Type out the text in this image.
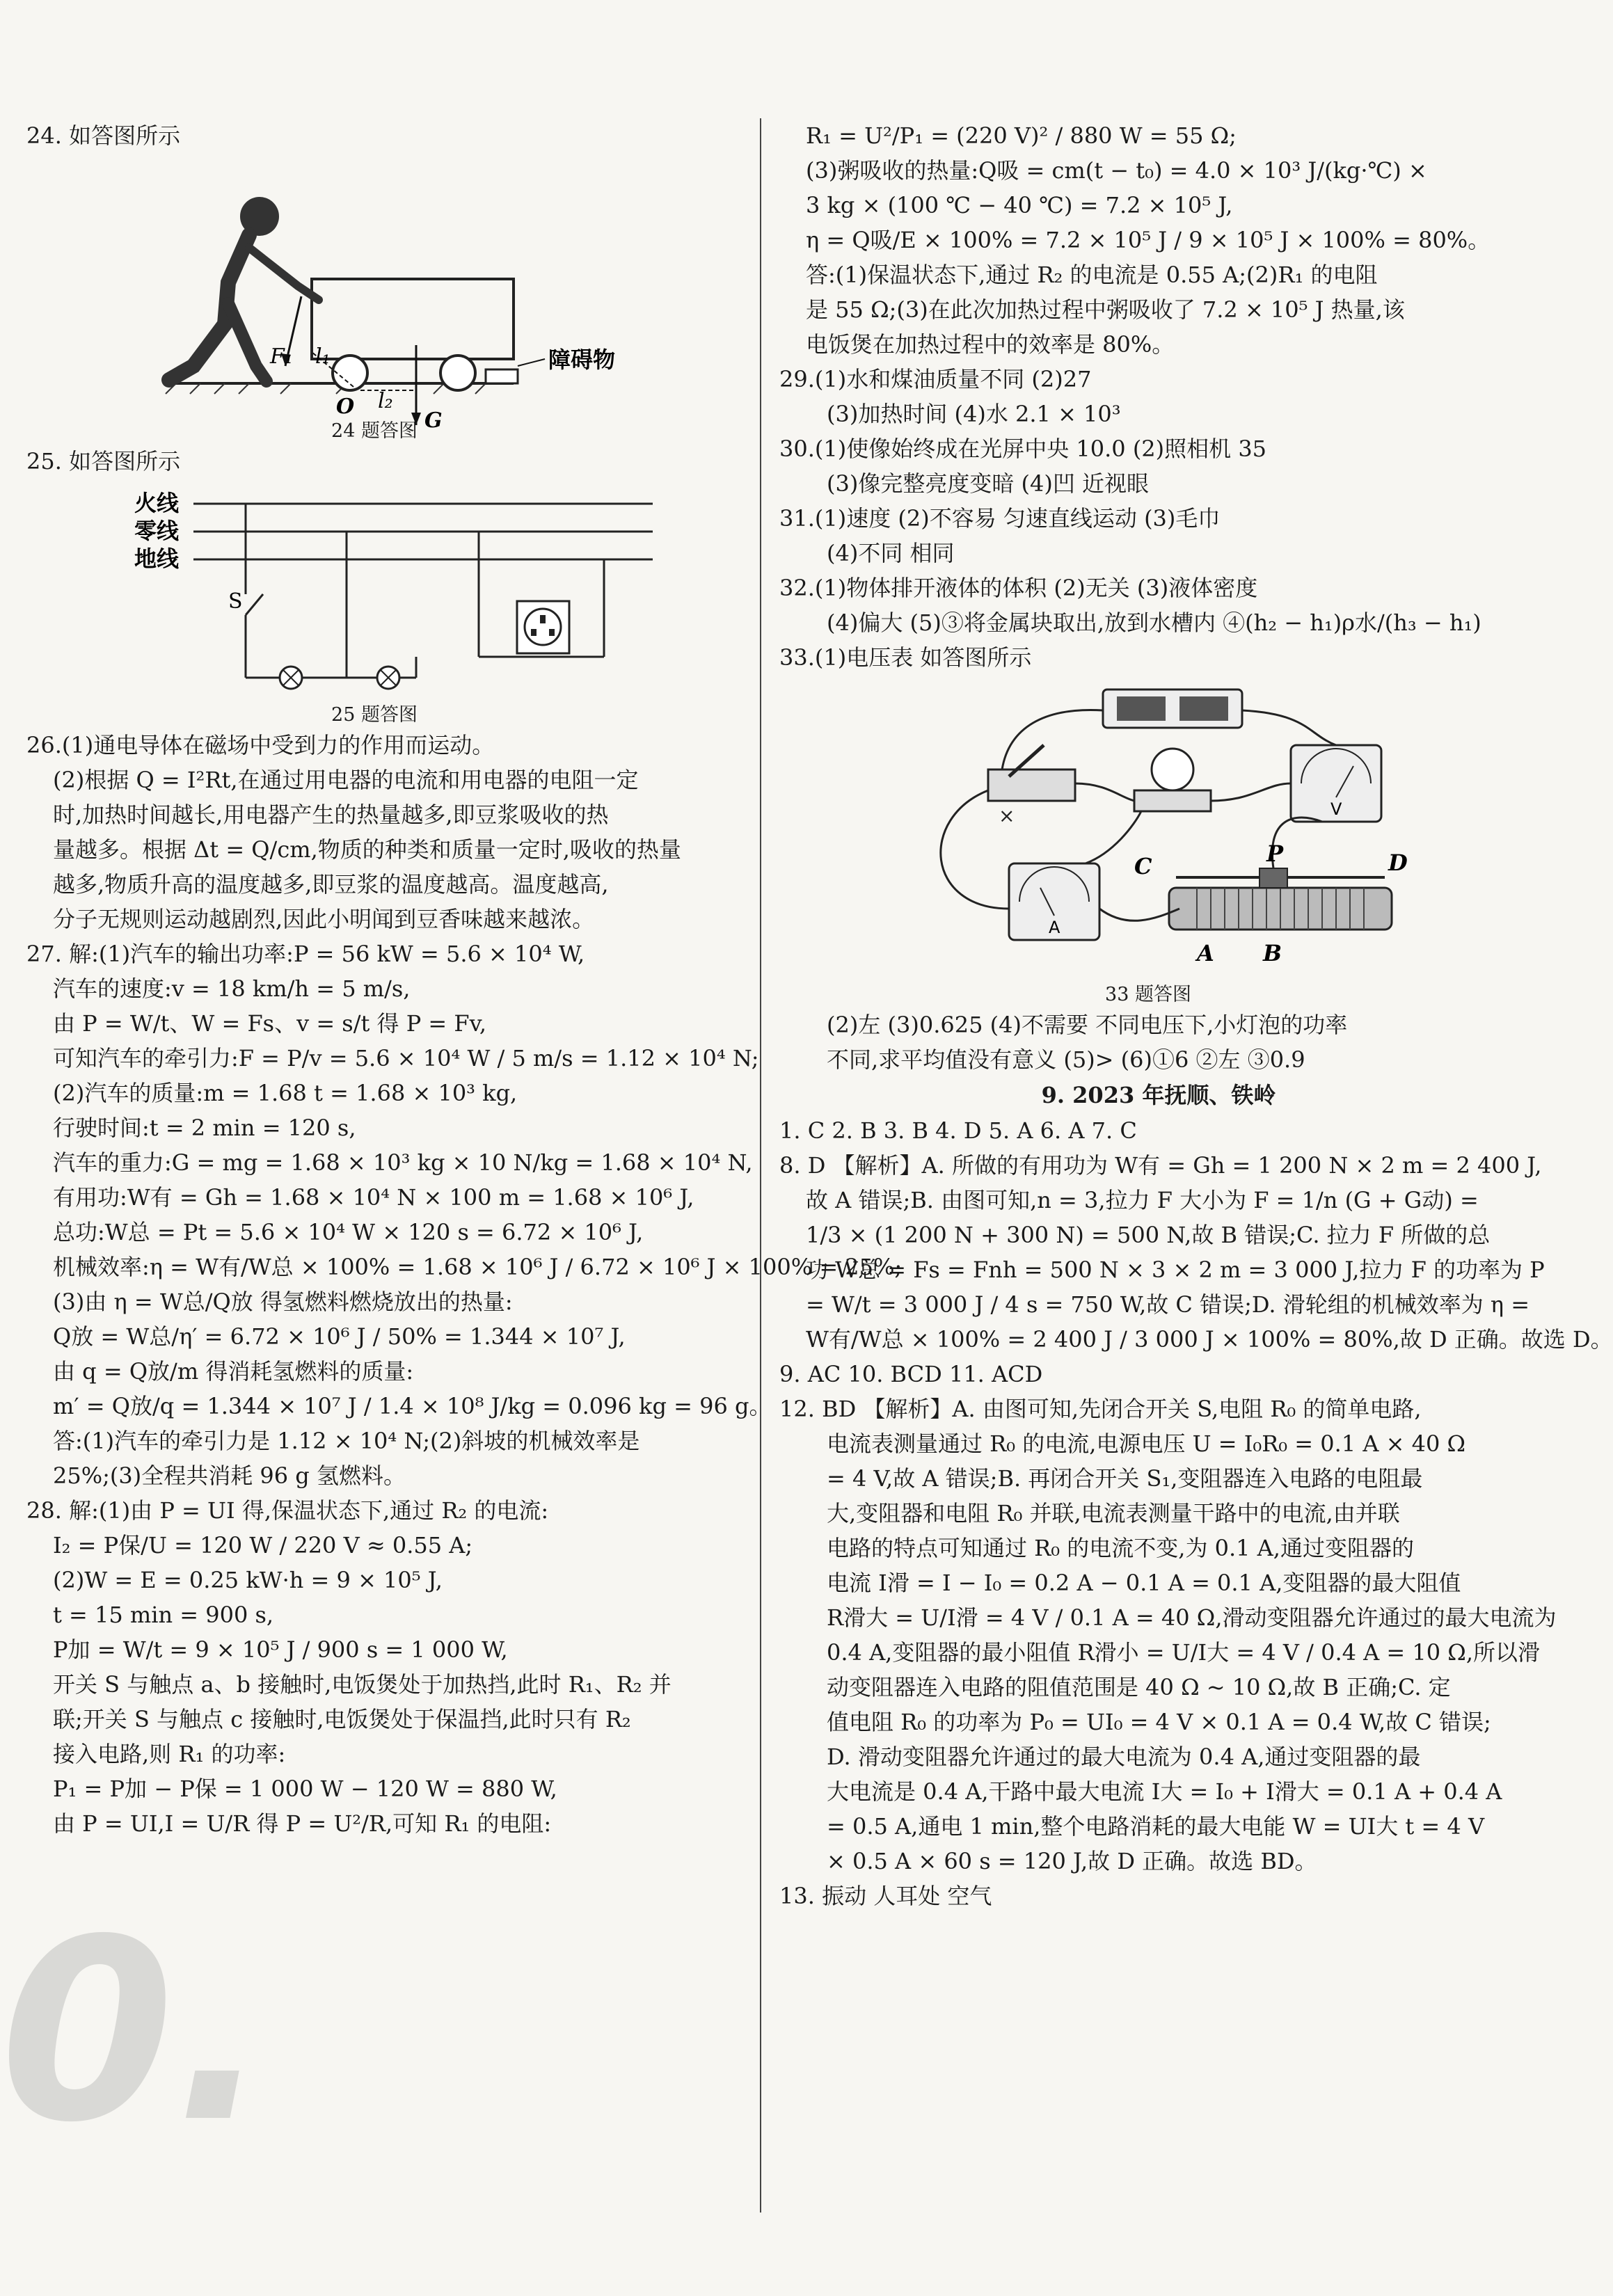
0.
24. 如答图所示
F₁ l₁
O l₂
G
障碍物
24 题答图
25. 如答图所示
火线
零线
地线
S
25 题答图
26.(1)通电导体在磁场中受到力的作用而运动。
(2)根据 Q = I²Rt,在通过用电器的电流和用电器的电阻一定
时,加热时间越长,用电器产生的热量越多,即豆浆吸收的热
量越多。根据 Δt = Q/cm,物质的种类和质量一定时,吸收的热量
越多,物质升高的温度越多,即豆浆的温度越高。温度越高,
分子无规则运动越剧烈,因此小明闻到豆香味越来越浓。
27. 解:(1)汽车的输出功率:P = 56 kW = 5.6 × 10⁴ W,
汽车的速度:v = 18 km/h = 5 m/s,
由 P = W/t、W = Fs、v = s/t 得 P = Fv,
可知汽车的牵引力:F = P/v = 5.6 × 10⁴ W / 5 m/s = 1.12 × 10⁴ N;
(2)汽车的质量:m = 1.68 t = 1.68 × 10³ kg,
行驶时间:t = 2 min = 120 s,
汽车的重力:G = mg = 1.68 × 10³ kg × 10 N/kg = 1.68 × 10⁴ N,
有用功:W有 = Gh = 1.68 × 10⁴ N × 100 m = 1.68 × 10⁶ J,
总功:W总 = Pt = 5.6 × 10⁴ W × 120 s = 6.72 × 10⁶ J,
机械效率:η = W有/W总 × 100% = 1.68 × 10⁶ J / 6.72 × 10⁶ J × 100% = 25%;
(3)由 η = W总/Q放 得氢燃料燃烧放出的热量:
Q放 = W总/η′ = 6.72 × 10⁶ J / 50% = 1.344 × 10⁷ J,
由 q = Q放/m 得消耗氢燃料的质量:
m′ = Q放/q = 1.344 × 10⁷ J / 1.4 × 10⁸ J/kg = 0.096 kg = 96 g。
答:(1)汽车的牵引力是 1.12 × 10⁴ N;(2)斜坡的机械效率是
25%;(3)全程共消耗 96 g 氢燃料。
28. 解:(1)由 P = UI 得,保温状态下,通过 R₂ 的电流:
I₂ = P保/U = 120 W / 220 V ≈ 0.55 A;
(2)W = E = 0.25 kW·h = 9 × 10⁵ J,
t = 15 min = 900 s,
P加 = W/t = 9 × 10⁵ J / 900 s = 1 000 W,
开关 S 与触点 a、b 接触时,电饭煲处于加热挡,此时 R₁、R₂ 并
联;开关 S 与触点 c 接触时,电饭煲处于保温挡,此时只有 R₂
接入电路,则 R₁ 的功率:
P₁ = P加 − P保 = 1 000 W − 120 W = 880 W,
由 P = UI,I = U/R 得 P = U²/R,可知 R₁ 的电阻:
R₁ = U²/P₁ = (220 V)² / 880 W = 55 Ω;
(3)粥吸收的热量:Q吸 = cm(t − t₀) = 4.0 × 10³ J/(kg·℃) ×
3 kg × (100 ℃ − 40 ℃) = 7.2 × 10⁵ J,
η = Q吸/E × 100% = 7.2 × 10⁵ J / 9 × 10⁵ J × 100% = 80%。
答:(1)保温状态下,通过 R₂ 的电流是 0.55 A;(2)R₁ 的电阻
是 55 Ω;(3)在此次加热过程中粥吸收了 7.2 × 10⁵ J 热量,该
电饭煲在加热过程中的效率是 80%。
29.(1)水和煤油质量不同 (2)27
(3)加热时间 (4)水 2.1 × 10³
30.(1)使像始终成在光屏中央 10.0 (2)照相机 35
(3)像完整亮度变暗 (4)凹 近视眼
31.(1)速度 (2)不容易 匀速直线运动 (3)毛巾
(4)不同 相同
32.(1)物体排开液体的体积 (2)无关 (3)液体密度
(4)偏大 (5)③将金属块取出,放到水槽内 ④(h₂ − h₁)ρ水/(h₃ − h₁)
33.(1)电压表 如答图所示
V
A
×
C	P	D
A B
33 题答图
(2)左 (3)0.625 (4)不需要 不同电压下,小灯泡的功率
不同,求平均值没有意义 (5)> (6)①6 ②左 ③0.9
9. 2023 年抚顺、铁岭
1. C 2. B 3. B 4. D 5. A 6. A 7. C
8. D 【解析】A. 所做的有用功为 W有 = Gh = 1 200 N × 2 m = 2 400 J,
故 A 错误;B. 由图可知,n = 3,拉力 F 大小为 F = 1/n (G + G动) =
1/3 × (1 200 N + 300 N) = 500 N,故 B 错误;C. 拉力 F 所做的总
功 W总 = Fs = Fnh = 500 N × 3 × 2 m = 3 000 J,拉力 F 的功率为 P
= W/t = 3 000 J / 4 s = 750 W,故 C 错误;D. 滑轮组的机械效率为 η =
W有/W总 × 100% = 2 400 J / 3 000 J × 100% = 80%,故 D 正确。故选 D。
9. AC 10. BCD 11. ACD
12. BD 【解析】A. 由图可知,先闭合开关 S,电阻 R₀ 的简单电路,
电流表测量通过 R₀ 的电流,电源电压 U = I₀R₀ = 0.1 A × 40 Ω
= 4 V,故 A 错误;B. 再闭合开关 S₁,变阻器连入电路的电阻最
大,变阻器和电阻 R₀ 并联,电流表测量干路中的电流,由并联
电路的特点可知通过 R₀ 的电流不变,为 0.1 A,通过变阻器的
电流 I滑 = I − I₀ = 0.2 A − 0.1 A = 0.1 A,变阻器的最大阻值
R滑大 = U/I滑 = 4 V / 0.1 A = 40 Ω,滑动变阻器允许通过的最大电流为
0.4 A,变阻器的最小阻值 R滑小 = U/I大 = 4 V / 0.4 A = 10 Ω,所以滑
动变阻器连入电路的阻值范围是 40 Ω ~ 10 Ω,故 B 正确;C. 定
值电阻 R₀ 的功率为 P₀ = UI₀ = 4 V × 0.1 A = 0.4 W,故 C 错误;
D. 滑动变阻器允许通过的最大电流为 0.4 A,通过变阻器的最
大电流是 0.4 A,干路中最大电流 I大 = I₀ + I滑大 = 0.1 A + 0.4 A
= 0.5 A,通电 1 min,整个电路消耗的最大电能 W = UI大 t = 4 V
× 0.5 A × 60 s = 120 J,故 D 正确。故选 BD。
13. 振动 人耳处 空气
